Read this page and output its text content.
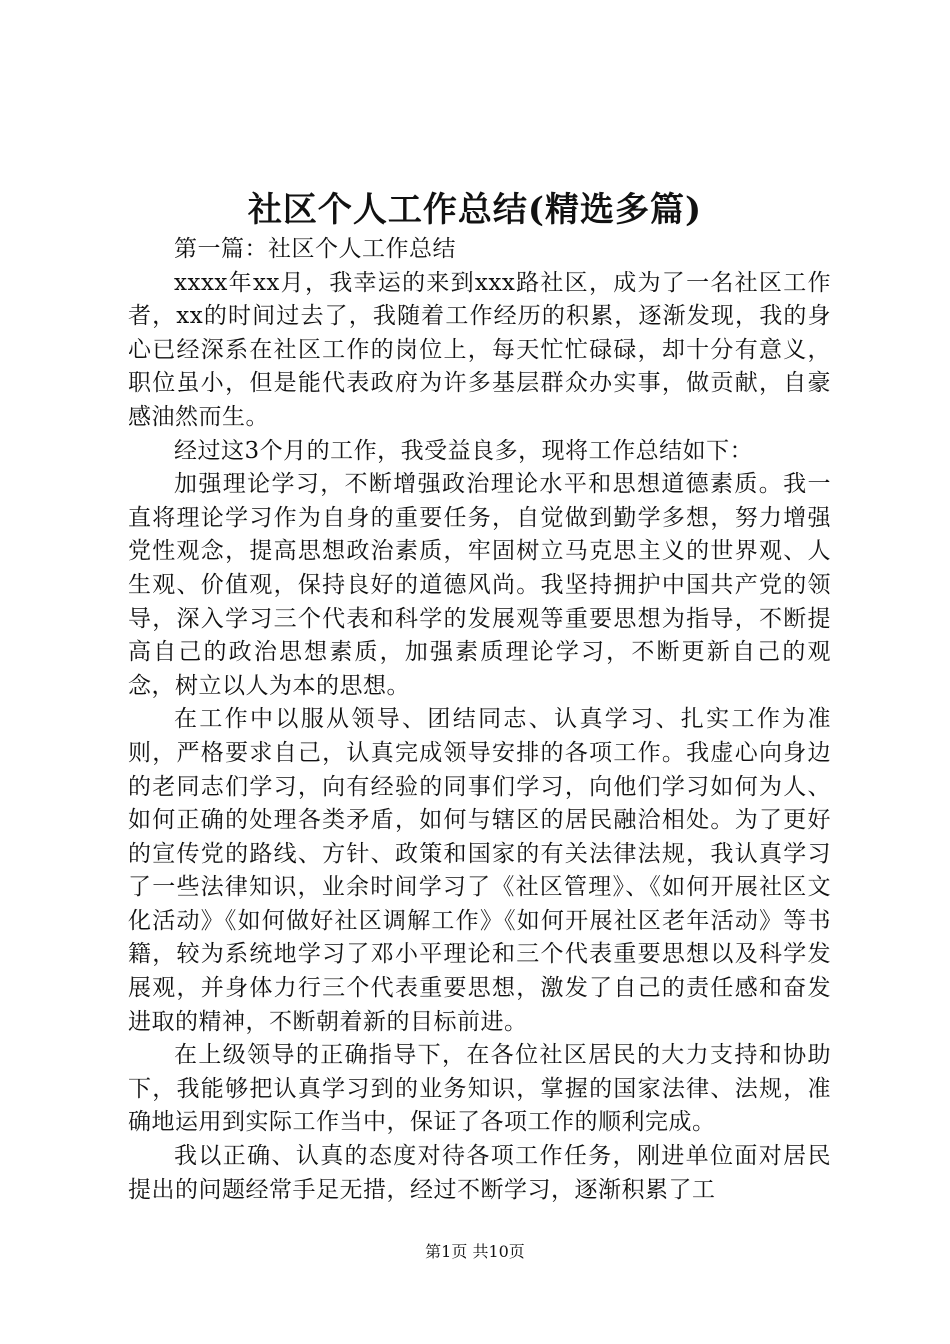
社区个人工作总结(精选多篇)

第一篇：社区个人工作总结

xxxx年xx月，我幸运的来到xxx路社区，成为了一名社区工作者，xx的时间过去了，我随着工作经历的积累，逐渐发现，我的身心已经深系在社区工作的岗位上，每天忙忙碌碌，却十分有意义，职位虽小，但是能代表政府为许多基层群众办实事，做贡献，自豪感油然而生。

经过这3个月的工作，我受益良多，现将工作总结如下：

加强理论学习，不断增强政治理论水平和思想道德素质。我一直将理论学习作为自身的重要任务，自觉做到勤学多想，努力增强党性观念，提高思想政治素质，牢固树立马克思主义的世界观、人生观、价值观，保持良好的道德风尚。我坚持拥护中国共产党的领导，深入学习三个代表和科学的发展观等重要思想为指导，不断提高自己的政治思想素质，加强素质理论学习，不断更新自己的观念，树立以人为本的思想。

在工作中以服从领导、团结同志、认真学习、扎实工作为准则，严格要求自己，认真完成领导安排的各项工作。我虚心向身边的老同志们学习，向有经验的同事们学习，向他们学习如何为人、如何正确的处理各类矛盾，如何与辖区的居民融洽相处。为了更好的宣传党的路线、方针、政策和国家的有关法律法规，我认真学习了一些法律知识，业余时间学习了《社区管理》、《如何开展社区文化活动》《如何做好社区调解工作》《如何开展社区老年活动》等书籍，较为系统地学习了邓小平理论和三个代表重要思想以及科学发展观，并身体力行三个代表重要思想，激发了自己的责任感和奋发进取的精神，不断朝着新的目标前进。

在上级领导的正确指导下，在各位社区居民的大力支持和协助下，我能够把认真学习到的业务知识，掌握的国家法律、法规，准确地运用到实际工作当中，保证了各项工作的顺利完成。

我以正确、认真的态度对待各项工作任务，刚进单位面对居民提出的问题经常手足无措，经过不断学习，逐渐积累了工

第1页 共10页
